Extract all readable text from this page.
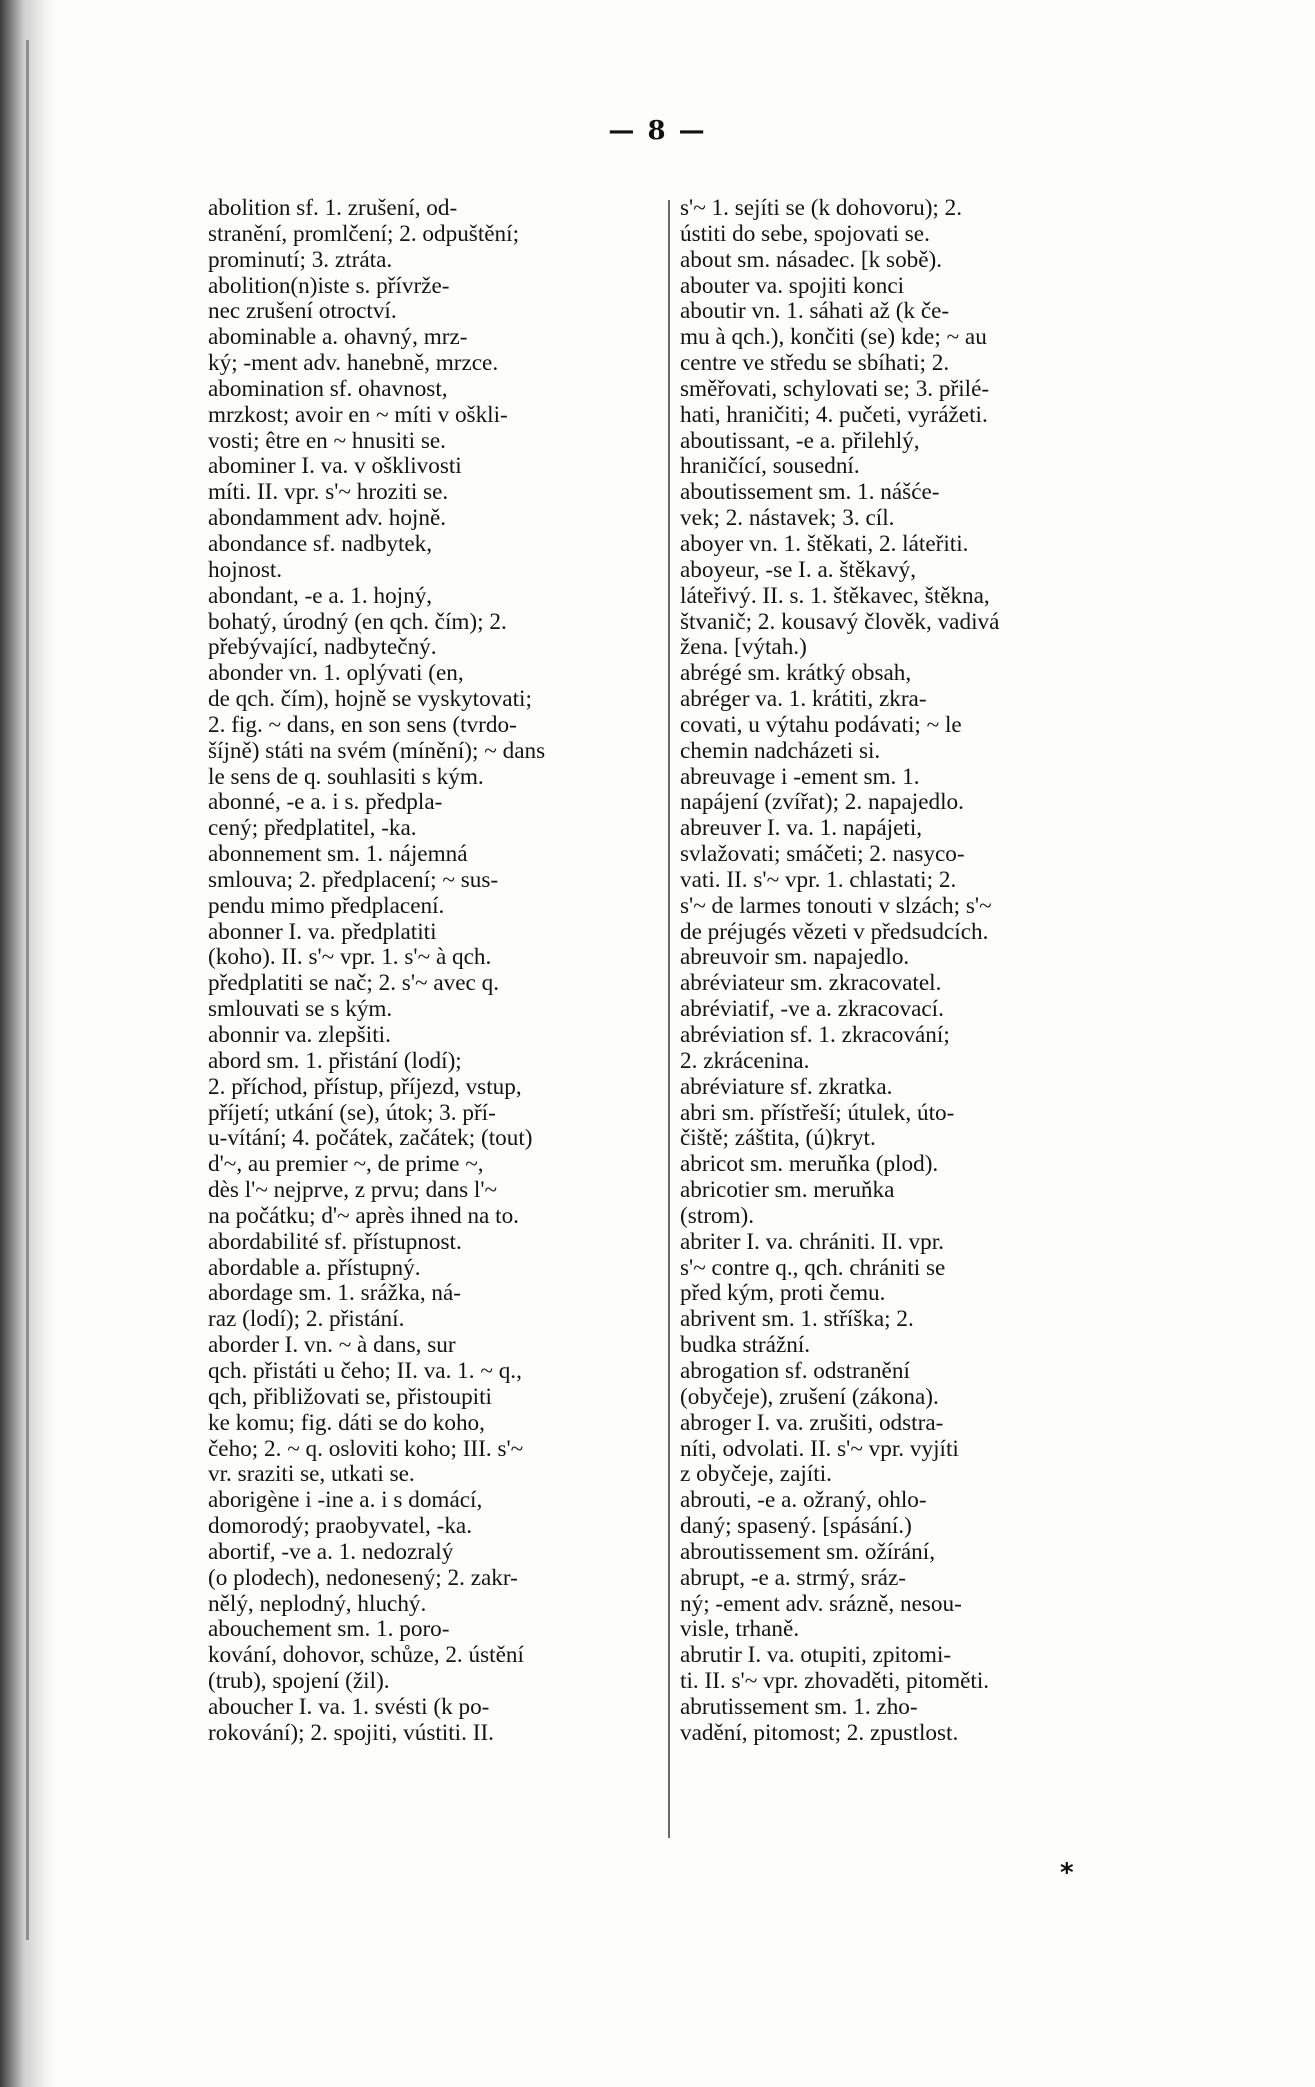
— 8 —
abolition sf. 1. zrušení, od-
stranění, promlčení; 2. odpuštění;
prominutí; 3. ztráta.
abolition(n)iste s. přívrže-
nec zrušení otroctví.
abominable a. ohavný, mrz-
ký; -ment adv. hanebně, mrzce.
abomination sf. ohavnost,
mrzkost; avoir en ~ míti v oškli-
vosti; être en ~ hnusiti se.
abominer I. va. v ošklivosti
míti. II. vpr. s'~ hroziti se.
abondamment adv. hojně.
abondance sf. nadbytek,
hojnost.
abondant, -e a. 1. hojný,
bohatý, úrodný (en qch. čím); 2.
přebývající, nadbytečný.
abonder vn. 1. oplývati (en,
de qch. čím), hojně se vyskytovati;
2. fig. ~ dans, en son sens (tvrdo-
šíjně) státi na svém (mínění); ~ dans
le sens de q. souhlasiti s kým.
abonné, -e a. i s. předpla-
cený; předplatitel, -ka.
abonnement sm. 1. nájemná
smlouva; 2. předplacení; ~ sus-
pendu mimo předplacení.
abonner I. va. předplatiti
(koho). II. s'~ vpr. 1. s'~ à qch.
předplatiti se nač; 2. s'~ avec q.
smlouvati se s kým.
abonnir va. zlepšiti.
abord sm. 1. přistání (lodí);
2. příchod, přístup, příjezd, vstup,
příjetí; utkání (se), útok; 3. pří-
u-vítání; 4. počátek, začátek; (tout)
d'~, au premier ~, de prime ~,
dès l'~ nejprve, z prvu; dans l'~
na počátku; d'~ après ihned na to.
abordabilité sf. přístupnost.
abordable a. přístupný.
abordage sm. 1. srážka, ná-
raz (lodí); 2. přistání.
aborder I. vn. ~ à dans, sur
qch. přistáti u čeho; II. va. 1. ~ q.,
qch, přibližovati se, přistoupiti
ke komu; fig. dáti se do koho,
čeho; 2. ~ q. osloviti koho; III. s'~
vr. sraziti se, utkati se.
aborigène i -ine a. i s domácí,
domorodý; praobyvatel, -ka.
abortif, -ve a. 1. nedozralý
(o plodech), nedonesený; 2. zakr-
nělý, neplodný, hluchý.
abouchement sm. 1. poro-
kování, dohovor, schůze, 2. ústění
(trub), spojení (žil).
aboucher I. va. 1. svésti (k po-
rokování); 2. spojiti, vústiti. II.
s'~ 1. sejíti se (k dohovoru); 2.
ústiti do sebe, spojovati se.
about sm. násadec. [k sobě).
abouter va. spojiti konci
aboutir vn. 1. sáhati až (k če-
mu à qch.), končiti (se) kde; ~ au
centre ve středu se sbíhati; 2.
směřovati, schylovati se; 3. přilé-
hati, hraničiti; 4. pučeti, vyrážeti.
aboutissant, -e a. přilehlý,
hraničící, sousední.
aboutissement sm. 1. nášće-
vek; 2. nástavek; 3. cíl.
aboyer vn. 1. štěkati, 2. láteřiti.
aboyeur, -se I. a. štěkavý,
láteřivý. II. s. 1. štěkavec, štěkna,
štvanič; 2. kousavý člověk, vadivá
žena. [výtah.)
abrégé sm. krátký obsah,
abréger va. 1. krátiti, zkra-
covati, u výtahu podávati; ~ le
chemin nadcházeti si.
abreuvage i -ement sm. 1.
napájení (zvířat); 2. napajedlo.
abreuver I. va. 1. napájeti,
svlažovati; smáčeti; 2. nasyco-
vati. II. s'~ vpr. 1. chlastati; 2.
s'~ de larmes tonouti v slzách; s'~
de préjugés vězeti v předsudcích.
abreuvoir sm. napajedlo.
abréviateur sm. zkracovatel.
abréviatif, -ve a. zkracovací.
abréviation sf. 1. zkracování;
2. zkrácenina.
abréviature sf. zkratka.
abri sm. přístřeší; útulek, úto-
čiště; záštita, (ú)kryt.
abricot sm. meruňka (plod).
abricotier sm. meruňka
(strom).
abriter I. va. chrániti. II. vpr.
s'~ contre q., qch. chrániti se
před kým, proti čemu.
abrivent sm. 1. stříška; 2.
budka strážní.
abrogation sf. odstranění
(obyčeje), zrušení (zákona).
abroger I. va. zrušiti, odstra-
níti, odvolati. II. s'~ vpr. vyjíti
z obyčeje, zajíti.
abrouti, -e a. ožraný, ohlo-
daný; spasený. [spásání.)
abroutissement sm. ožírání,
abrupt, -e a. strmý, sráz-
ný; -ement adv. srázně, nesou-
visle, trhaně.
abrutir I. va. otupiti, zpitomi-
ti. II. s'~ vpr. zhovaděti, pitoměti.
abrutissement sm. 1. zho-
vadění, pitomost; 2. zpustlost.
*
